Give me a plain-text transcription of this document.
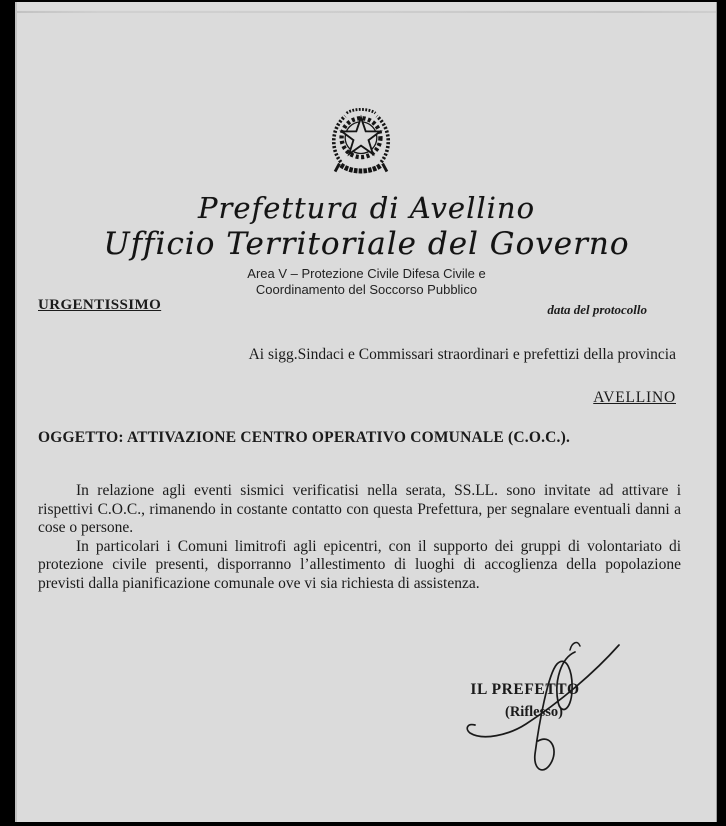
Prefettura di Avellino
Ufficio Territoriale del Governo
Area V – Protezione Civile Difesa Civile e
Coordinamento del Soccorso Pubblico
URGENTISSIMO	data del protocollo
Ai sigg.Sindaci e Commissari straordinari e prefettizi della provincia
AVELLINO
OGGETTO: ATTIVAZIONE CENTRO OPERATIVO COMUNALE (C.O.C.).

In relazione agli eventi sismici verificatisi nella serata, SS.LL. sono invitate ad attivare i rispettivi C.O.C., rimanendo in costante contatto con questa Prefettura, per segnalare eventuali danni a cose o persone.

In particolari i Comuni limitrofi agli epicentri, con il supporto dei gruppi di volontariato di protezione civile presenti, disporranno l’allestimento di luoghi di accoglienza della popolazione previsti dalla pianificazione comunale ove vi sia richiesta di assistenza.

IL PREFETTO
(Riflesso)
